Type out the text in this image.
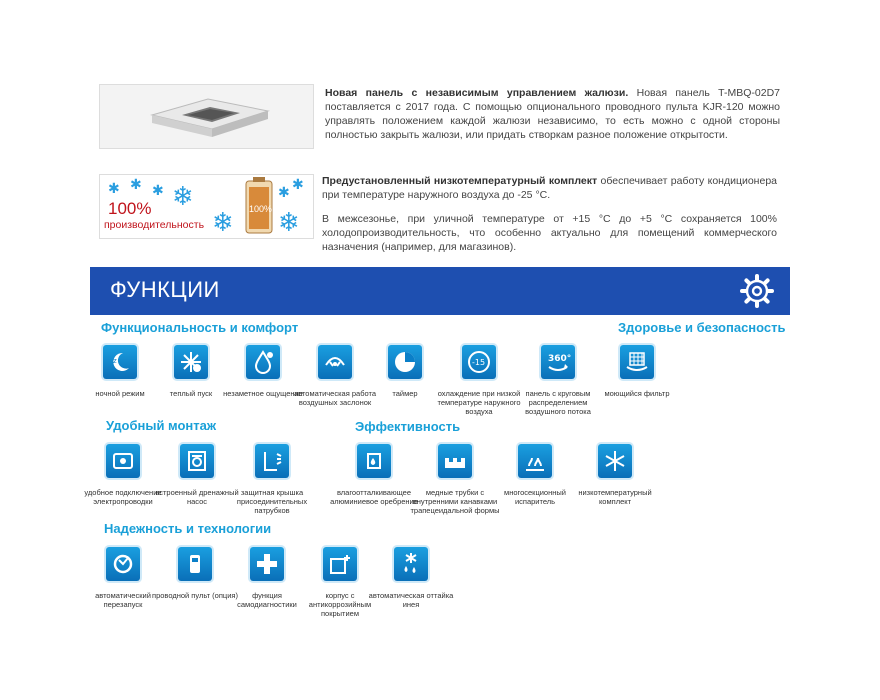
Новая панель с независимым управлением жалюзи. Новая панель T-MBQ-02D7 поставляется с 2017 года. С помощью опционального проводного пульта KJR-120 можно управлять положением каждой жалюзи независимо, то есть можно с одной стороны полностью закрыть жалюзи, или придать створкам разное положение открытости.
✱ ✱ ✱	✱ ✱
❄
❄ ❄
100%
производительность
100%
Предустановленный низкотемпературный комплект обеспечивает работу кондиционера при температуре наружного воздуха до -25 °C.
В межсезонье, при уличной температуре от +15 °C до +5 °C сохраняется 100% холодопроизводительность, что особенно актуально для помещений коммерческого назначения (например, для магазинов).
ФУНКЦИИ
Функциональность и комфорт	Здоровье и безопасность
Удобный монтаж	Эффективность
Надежность и технологии
z
ночной режим	теплый пуск	незаметное ощущение
автоматическая работа воздушных заслонок
таймер
-15
охлаждение при низкой температуре наружного воздуха
360°
панель с круговым распределением воздушного потока
моющийся фильтр
удобное подключение электропроводки
встроенный дренажный насос
защитная крышка присоединительных патрубков
влагоотталкивающее алюминиевое оребрение
медные трубки с внутренними канавками трапецеидальной формы
многосекционный испаритель
низкотемпературный комплект
автоматический перезапуск
проводной пульт (опция)	функция самодиагностики
корпус с антикоррозийным покрытием
автоматическая оттайка инея
